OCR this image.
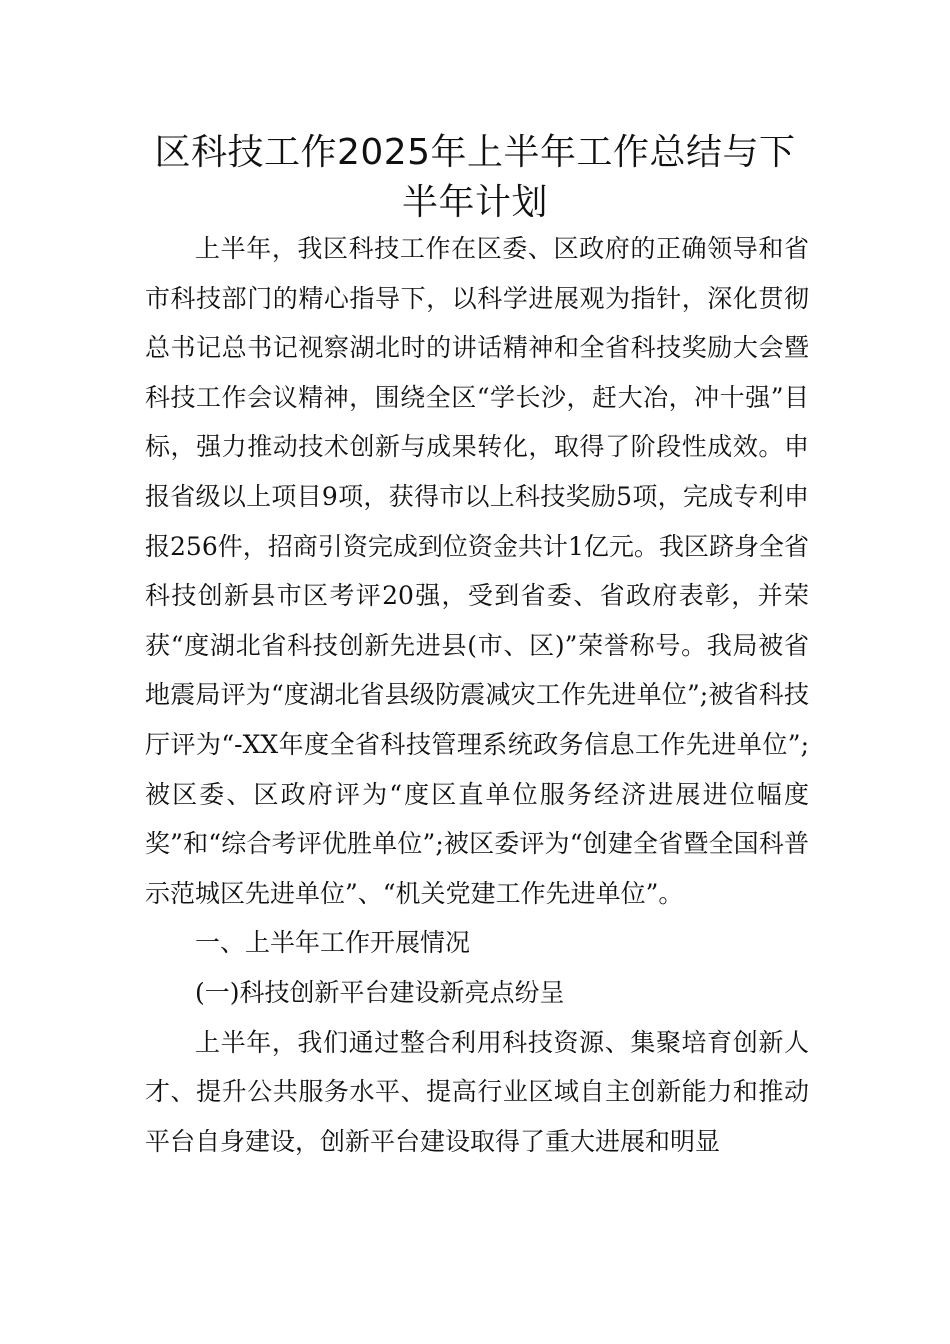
区科技工作2025年上半年工作总结与下半年计划

上半年，我区科技工作在区委、区政府的正确领导和省市科技部门的精心指导下，以科学进展观为指针，深化贯彻总书记总书记视察湖北时的讲话精神和全省科技奖励大会暨科技工作会议精神，围绕全区“学长沙，赶大冶，冲十强”目标，强力推动技术创新与成果转化，取得了阶段性成效。申报省级以上项目9项，获得市以上科技奖励5项，完成专利申报256件，招商引资完成到位资金共计1亿元。我区跻身全省科技创新县市区考评20强，受到省委、省政府表彰，并荣获“度湖北省科技创新先进县(市、区)”荣誉称号。我局被省地震局评为“度湖北省县级防震减灾工作先进单位”;被省科技厅评为“-XX年度全省科技管理系统政务信息工作先进单位”;被区委、区政府评为“度区直单位服务经济进展进位幅度奖”和“综合考评优胜单位”;被区委评为“创建全省暨全国科普示范城区先进单位”、“机关党建工作先进单位”。

一、上半年工作开展情况

(一)科技创新平台建设新亮点纷呈

上半年，我们通过整合利用科技资源、集聚培育创新人才、提升公共服务水平、提高行业区域自主创新能力和推动平台自身建设，创新平台建设取得了重大进展和明显
